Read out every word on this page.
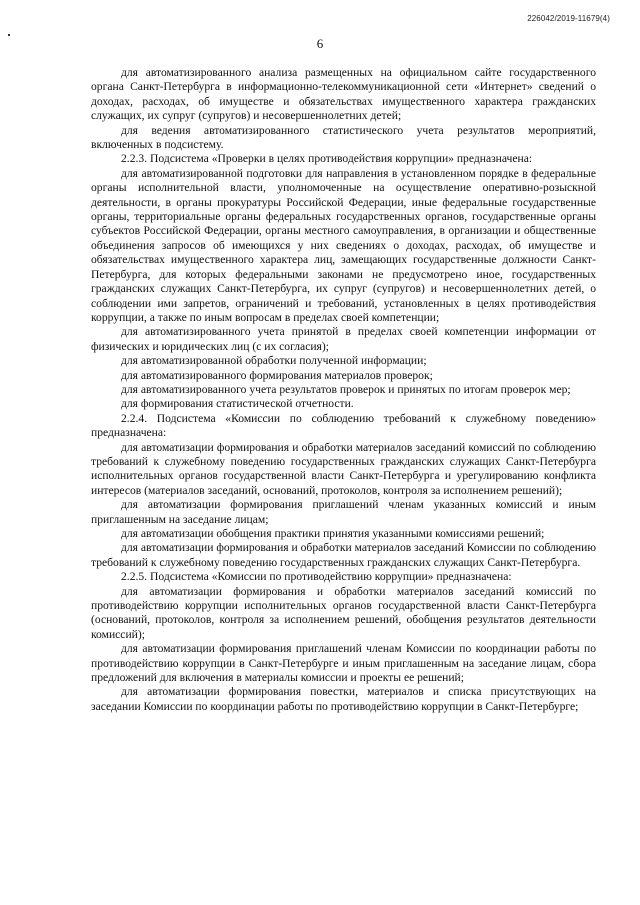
226042/2019-11679(4)
6

для автоматизированного анализа размещенных на официальном сайте государственного органа Санкт-Петербурга в информационно-телекоммуникационной сети «Интернет» сведений о доходах, расходах, об имуществе и обязательствах имущественного характера гражданских служащих, их супруг (супругов) и несовершеннолетних детей;

для ведения автоматизированного статистического учета результатов мероприятий, включенных в подсистему.

2.2.3. Подсистема «Проверки в целях противодействия коррупции» предназначена:

для автоматизированной подготовки для направления в установленном порядке в федеральные органы исполнительной власти, уполномоченные на осуществление оперативно-розыскной деятельности, в органы прокуратуры Российской Федерации, иные федеральные государственные органы, территориальные органы федеральных государственных органов, государственные органы субъектов Российской Федерации, органы местного самоуправления, в организации и общественные объединения запросов об имеющихся у них сведениях о доходах, расходах, об имуществе и обязательствах имущественного характера лиц, замещающих государственные должности Санкт-Петербурга, для которых федеральными законами не предусмотрено иное, государственных гражданских служащих Санкт-Петербурга, их супруг (супругов) и несовершеннолетних детей, о соблюдении ими запретов, ограничений и требований, установленных в целях противодействия коррупции, а также по иным вопросам в пределах своей компетенции;

для автоматизированного учета принятой в пределах своей компетенции информации от физических и юридических лиц (с их согласия);

для автоматизированной обработки полученной информации;

для автоматизированного формирования материалов проверок;

для автоматизированного учета результатов проверок и принятых по итогам проверок мер;

для формирования статистической отчетности.

2.2.4. Подсистема «Комиссии по соблюдению требований к служебному поведению» предназначена:

для автоматизации формирования и обработки материалов заседаний комиссий по соблюдению требований к служебному поведению государственных гражданских служащих Санкт-Петербурга исполнительных органов государственной власти Санкт-Петербурга и урегулированию конфликта интересов (материалов заседаний, оснований, протоколов, контроля за исполнением решений);

для автоматизации формирования приглашений членам указанных комиссий и иным приглашенным на заседание лицам;

для автоматизации обобщения практики принятия указанными комиссиями решений;

для автоматизации формирования и обработки материалов заседаний Комиссии по соблюдению требований к служебному поведению государственных гражданских служащих Санкт-Петербурга.

2.2.5. Подсистема «Комиссии по противодействию коррупции» предназначена:

для автоматизации формирования и обработки материалов заседаний комиссий по противодействию коррупции исполнительных органов государственной власти Санкт-Петербурга (оснований, протоколов, контроля за исполнением решений, обобщения результатов деятельности комиссий);

для автоматизации формирования приглашений членам Комиссии по координации работы по противодействию коррупции в Санкт-Петербурге и иным приглашенным на заседание лицам, сбора предложений для включения в материалы комиссии и проекты ее решений;

для автоматизации формирования повестки, материалов и списка присутствующих на заседании Комиссии по координации работы по противодействию коррупции в Санкт-Петербурге;
